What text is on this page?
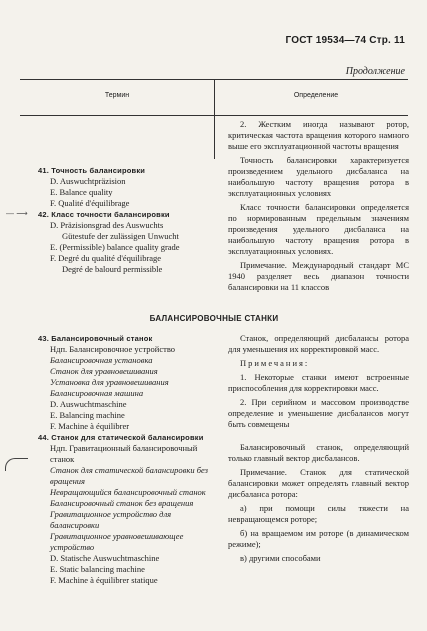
ГОСТ 19534—74 Стр. 11
Продолжение
Термин	Определение
— ⟶

41. Точность балансировки

D. Auswuchtpräzision

E. Balance quality

F. Qualité d'équilibrage

42. Класс точности балансировки

D. Präzisionsgrad des Auswuchts

Gütestufe der zulässigen Unwucht

E. (Permissible) balance quality grade

F. Degré du qualité d'équilibrage

Degré de balourd permissible

2. Жестким иногда называют ротор, критическая частота вращения которого намного выше его эксплуатационной частоты вращения

Точность балансировки характеризуется произведением удельного дисбаланса на наибольшую частоту вращения ротора в эксплуатационных условиях

Класс точности балансировки определяется по нормированным предельным значениям произведения удельного дисбаланса на наибольшую частоту вращения ротора в эксплуатационных условиях.

Примечание. Международный стандарт МС 1940 разделяет весь диапазон точности балансировки на 11 классов

БАЛАНСИРОВОЧНЫЕ СТАНКИ

43. Балансировочный станок

Ндп. Балансировочное устройство

Балансировочная установка

Станок для уравновешивания

Установка для уравновешивания

Балансировочная машина

D. Auswuchtmaschine

E. Balancing machine

F. Machine à équilibrer

44. Станок для статической балансировки

Ндп. Гравитационный балансировочный станок

Станок для статической балансировки без вращения

Невращающийся балансировочный станок

Балансировочный станок без вращения

Гравитационное устройство для балансировки

Гравитационное уравновешивающее устройство

D. Statische Auswuchtmaschine

E. Static balancing machine

F. Machine à équilibrer statique

Станок, определяющий дисбалансы ротора для уменьшения их корректировкой масс.

Примечания:

1. Некоторые станки имеют встроенные приспособления для корректировки масс.

2. При серийном и массовом производстве определение и уменьшение дисбалансов могут быть совмещены

Балансировочный станок, определяющий только главный вектор дисбалансов.

Примечание. Станок для статической балансировки может определять главный вектор дисбаланса ротора:

а) при помощи силы тяжести на невращающемся роторе;

б) на вращаемом им роторе (в динамическом режиме);

в) другими способами
